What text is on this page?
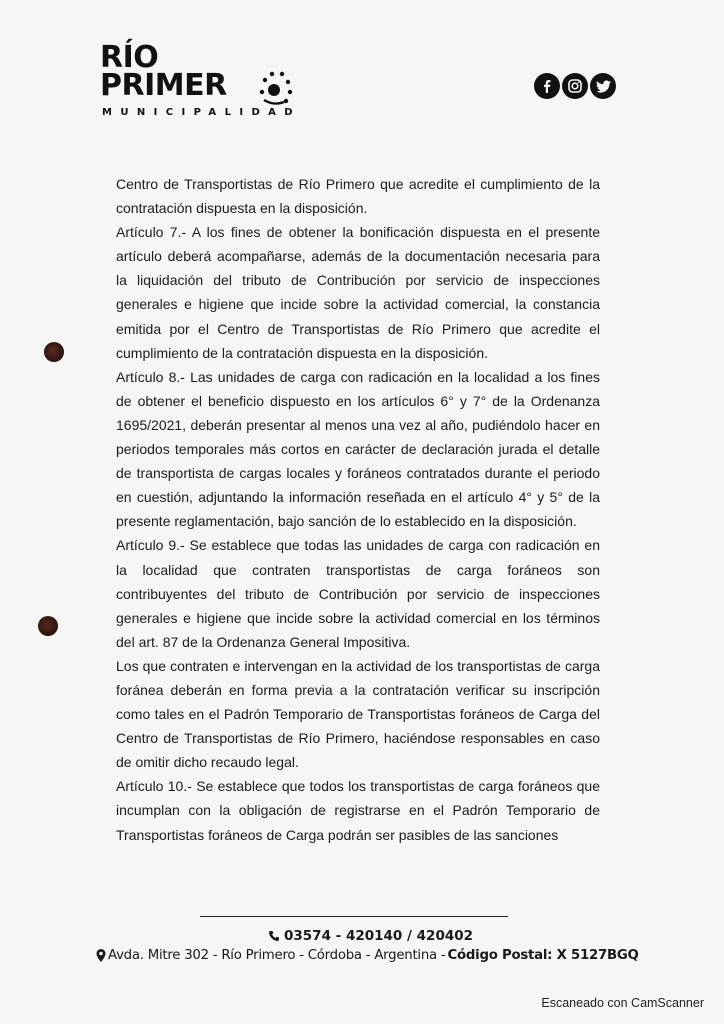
RÍO
PRIMER
MUNICIPALIDAD

Centro de Transportistas de Río Primero que acredite el cumplimiento de la contratación dispuesta en la disposición.

Artículo 7.- A los fines de obtener la bonificación dispuesta en el presente artículo deberá acompañarse, además de la documentación necesaria para la liquidación del tributo de Contribución por servicio de inspecciones generales e higiene que incide sobre la actividad comercial, la constancia emitida por el Centro de Transportistas de Río Primero que acredite el cumplimiento de la contratación dispuesta en la disposición.

Artículo 8.- Las unidades de carga con radicación en la localidad a los fines de obtener el beneficio dispuesto en los artículos 6° y 7° de la Ordenanza 1695/2021, deberán presentar al menos una vez al año, pudiéndolo hacer en periodos temporales más cortos en carácter de declaración jurada el detalle de transportista de cargas locales y foráneos contratados durante el periodo en cuestión, adjuntando la información reseñada en el artículo 4° y 5° de la presente reglamentación, bajo sanción de lo establecido en la disposición.

Artículo 9.- Se establece que todas las unidades de carga con radicación en la localidad que contraten transportistas de carga foráneos son contribuyentes del tributo de Contribución por servicio de inspecciones generales e higiene que incide sobre la actividad comercial en los términos del art. 87 de la Ordenanza General Impositiva.

Los que contraten e intervengan en la actividad de los transportistas de carga foránea deberán en forma previa a la contratación verificar su inscripción como tales en el Padrón Temporario de Transportistas foráneos de Carga del Centro de Transportistas de Río Primero, haciéndose responsables en caso de omitir dicho recaudo legal.

Artículo 10.- Se establece que todos los transportistas de carga foráneos que incumplan con la obligación de registrarse en el Padrón Temporario de Transportistas foráneos de Carga podrán ser pasibles de las sanciones

03574 - 420140 / 420402
Avda. Mitre 302 - Río Primero - Córdoba - Argentina - Código Postal: X 5127BGQ
Escaneado con CamScanner
